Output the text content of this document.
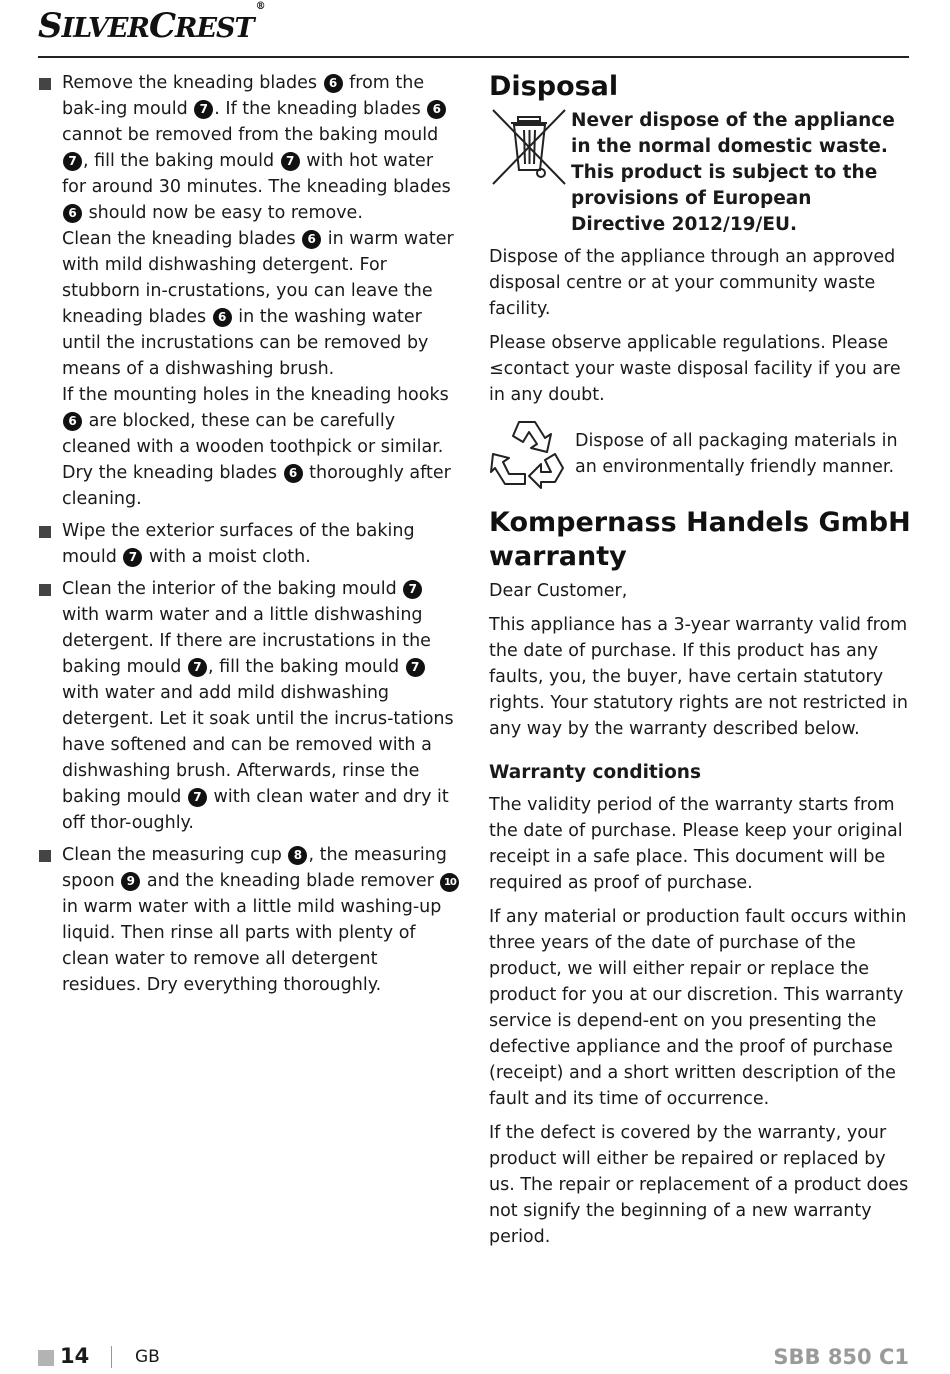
SILVERCREST®
Remove the kneading blades 6 from the bak-ing mould 7 . If the kneading blades 6 cannot be removed from the baking mould 7 , fill the baking mould 7 with hot water for around 30 minutes. The kneading blades 6 should now be easy to remove.
Clean the kneading blades 6 in warm water with mild dishwashing detergent. For stubborn in-crustations, you can leave the kneading blades 6 in the washing water until the incrustations can be removed by means of a dishwashing brush.
If the mounting holes in the kneading hooks 6 are blocked, these can be carefully cleaned with a wooden toothpick or similar.
Dry the kneading blades 6 thoroughly after cleaning.
Wipe the exterior surfaces of the baking mould 7 with a moist cloth.
Clean the interior of the baking mould 7 with warm water and a little dishwashing detergent. If there are incrustations in the baking mould 7 , fill the baking mould 7 with water and add mild dishwashing detergent. Let it soak until the incrus-tations have softened and can be removed with a dishwashing brush. Afterwards, rinse the baking mould 7 with clean water and dry it off thor-oughly.
Clean the measuring cup 8 , the measuring spoon 9 and the kneading blade remover 10 in warm water with a little mild washing-up liquid. Then rinse all parts with plenty of clean water to remove all detergent residues. Dry everything thoroughly.
Disposal
Never dispose of the appliance in the normal domestic waste. This product is subject to the provisions of European Directive 2012/19/EU.

Dispose of the appliance through an approved disposal centre or at your community waste facility.

Please observe applicable regulations. Please ≤contact your waste disposal facility if you are in any doubt.

Dispose of all packaging materials in an environmentally friendly manner.
Kompernass Handels GmbH warranty

Dear Customer,

This appliance has a 3-year warranty valid from the date of purchase. If this product has any faults, you, the buyer, have certain statutory rights. Your statutory rights are not restricted in any way by the warranty described below.

Warranty conditions

The validity period of the warranty starts from the date of purchase. Please keep your original receipt in a safe place. This document will be required as proof of purchase.

If any material or production fault occurs within three years of the date of purchase of the product, we will either repair or replace the product for you at our discretion. This warranty service is depend-ent on you presenting the defective appliance and the proof of purchase (receipt) and a short written description of the fault and its time of occurrence.

If the defect is covered by the warranty, your product will either be repaired or replaced by us. The repair or replacement of a product does not signify the beginning of a new warranty period.

14	GB	SBB 850 C1
